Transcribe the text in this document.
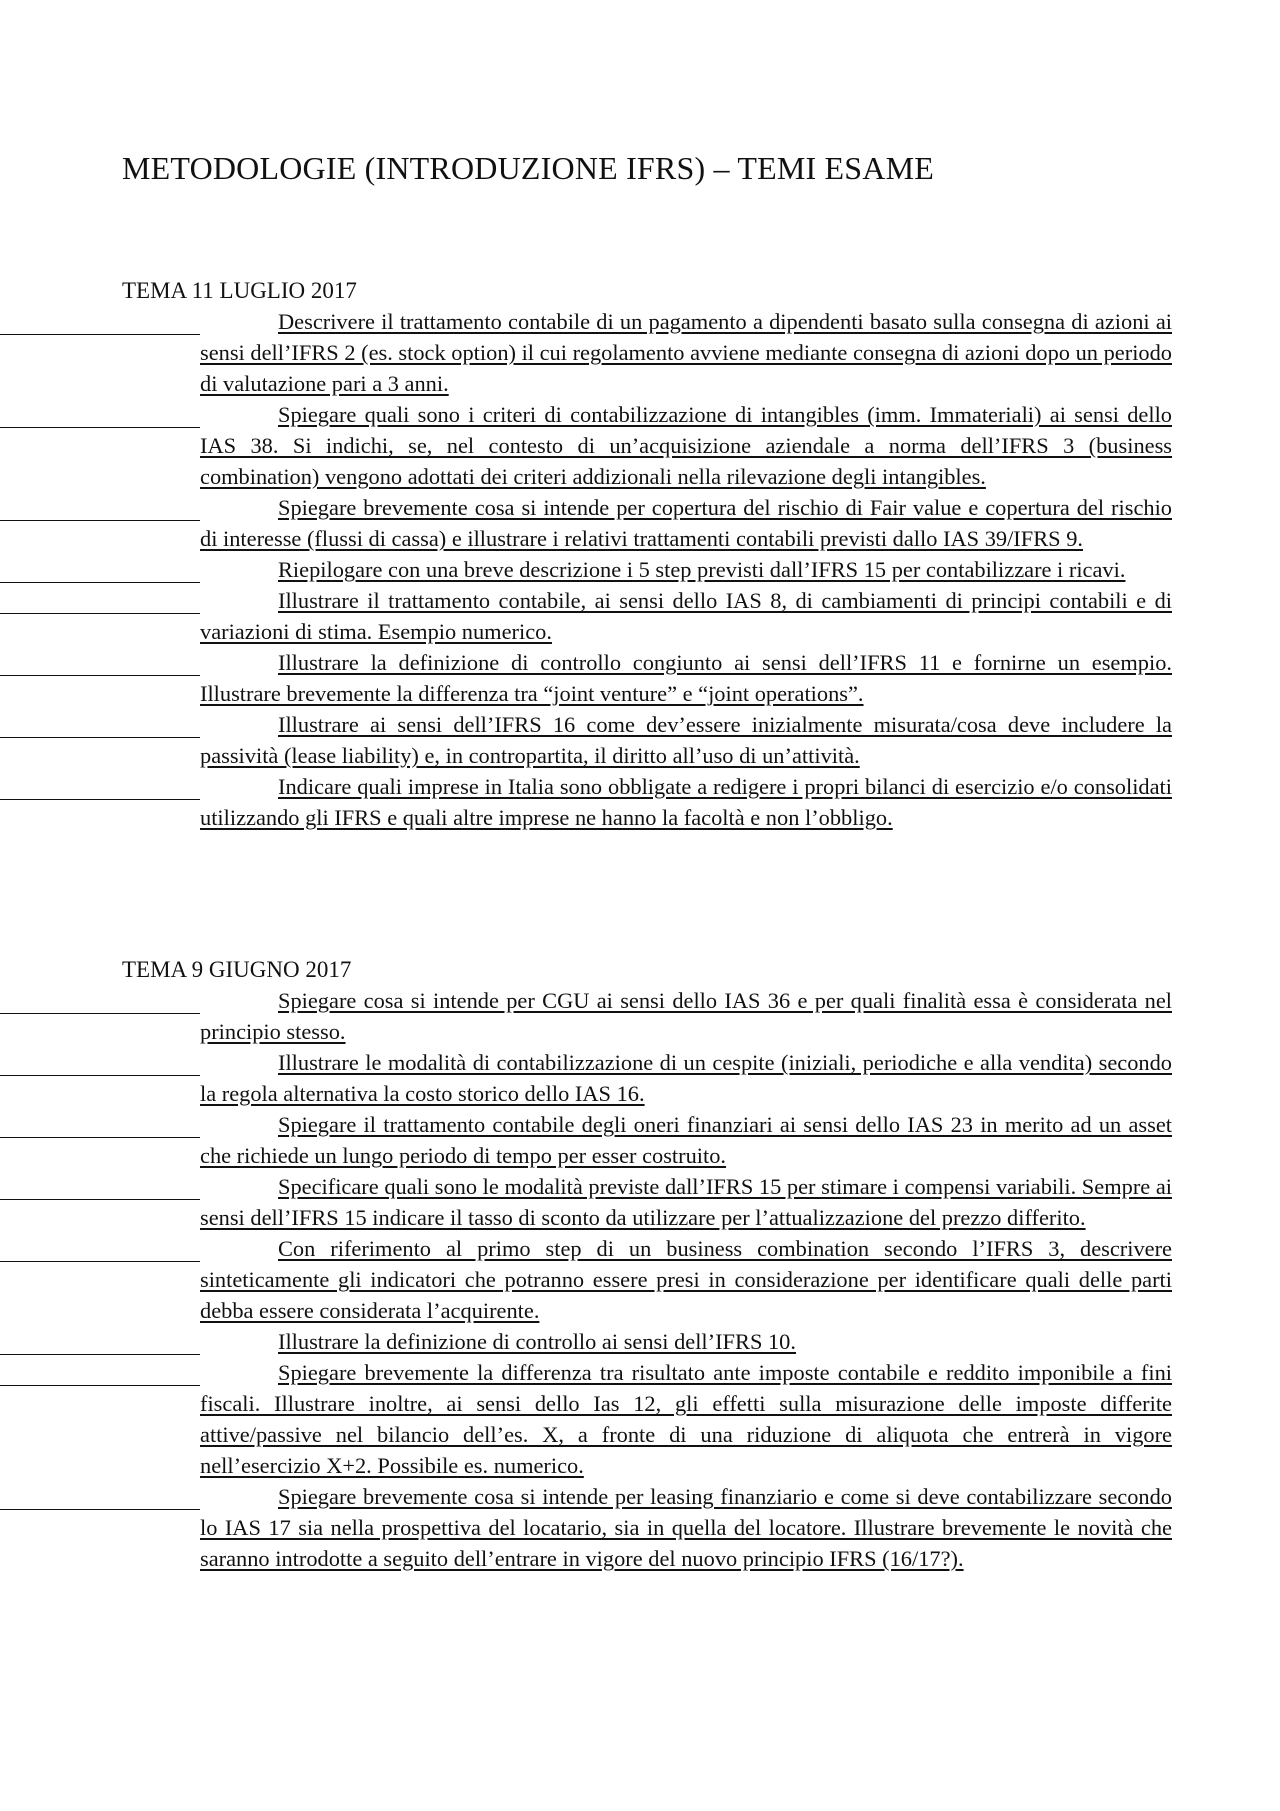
METODOLOGIE (INTRODUZIONE IFRS) – TEMI ESAME
TEMA 11 LUGLIO 2017

Descrivere il trattamento contabile di un pagamento a dipendenti basato sulla consegna di azioni ai sensi dell’IFRS 2 (es. stock option) il cui regolamento avviene mediante consegna di azioni dopo un periodo di valutazione pari a 3 anni.

Spiegare quali sono i criteri di contabilizzazione di intangibles (imm. Immateriali) ai sensi dello IAS 38. Si indichi, se, nel contesto di un’acquisizione aziendale a norma dell’IFRS 3 (business combination) vengono adottati dei criteri addizionali nella rilevazione degli intangibles.

Spiegare brevemente cosa si intende per copertura del rischio di Fair value e copertura del rischio di interesse (flussi di cassa) e illustrare i relativi trattamenti contabili previsti dallo IAS 39/IFRS 9.

Riepilogare con una breve descrizione i 5 step previsti dall’IFRS 15 per contabilizzare i ricavi.

Illustrare il trattamento contabile, ai sensi dello IAS 8, di cambiamenti di principi contabili e di variazioni di stima. Esempio numerico.

Illustrare la definizione di controllo congiunto ai sensi dell’IFRS 11 e fornirne un esempio. Illustrare brevemente la differenza tra “joint venture” e “joint operations”.

Illustrare ai sensi dell’IFRS 16 come dev’essere inizialmente misurata/cosa deve includere la passività (lease liability) e, in contropartita, il diritto all’uso di un’attività.

Indicare quali imprese in Italia sono obbligate a redigere i propri bilanci di esercizio e/o consolidati utilizzando gli IFRS e quali altre imprese ne hanno la facoltà e non l’obbligo.

TEMA 9 GIUGNO 2017

Spiegare cosa si intende per CGU ai sensi dello IAS 36 e per quali finalità essa è considerata nel principio stesso.

Illustrare le modalità di contabilizzazione di un cespite (iniziali, periodiche e alla vendita) secondo la regola alternativa la costo storico dello IAS 16.

Spiegare il trattamento contabile degli oneri finanziari ai sensi dello IAS 23 in merito ad un asset che richiede un lungo periodo di tempo per esser costruito.

Specificare quali sono le modalità previste dall’IFRS 15 per stimare i compensi variabili. Sempre ai sensi dell’IFRS 15 indicare il tasso di sconto da utilizzare per l’attualizzazione del prezzo differito.

Con riferimento al primo step di un business combination secondo l’IFRS 3, descrivere sinteticamente gli indicatori che potranno essere presi in considerazione per identificare quali delle parti debba essere considerata l’acquirente.

Illustrare la definizione di controllo ai sensi dell’IFRS 10.

Spiegare brevemente la differenza tra risultato ante imposte contabile e reddito imponibile a fini fiscali. Illustrare inoltre, ai sensi dello Ias 12, gli effetti sulla misurazione delle imposte differite attive/passive nel bilancio dell’es. X, a fronte di una riduzione di aliquota che entrerà in vigore nell’esercizio X+2. Possibile es. numerico.

Spiegare brevemente cosa si intende per leasing finanziario e come si deve contabilizzare secondo lo IAS 17 sia nella prospettiva del locatario, sia in quella del locatore. Illustrare brevemente le novità che saranno introdotte a seguito dell’entrare in vigore del nuovo principio IFRS (16/17?).
